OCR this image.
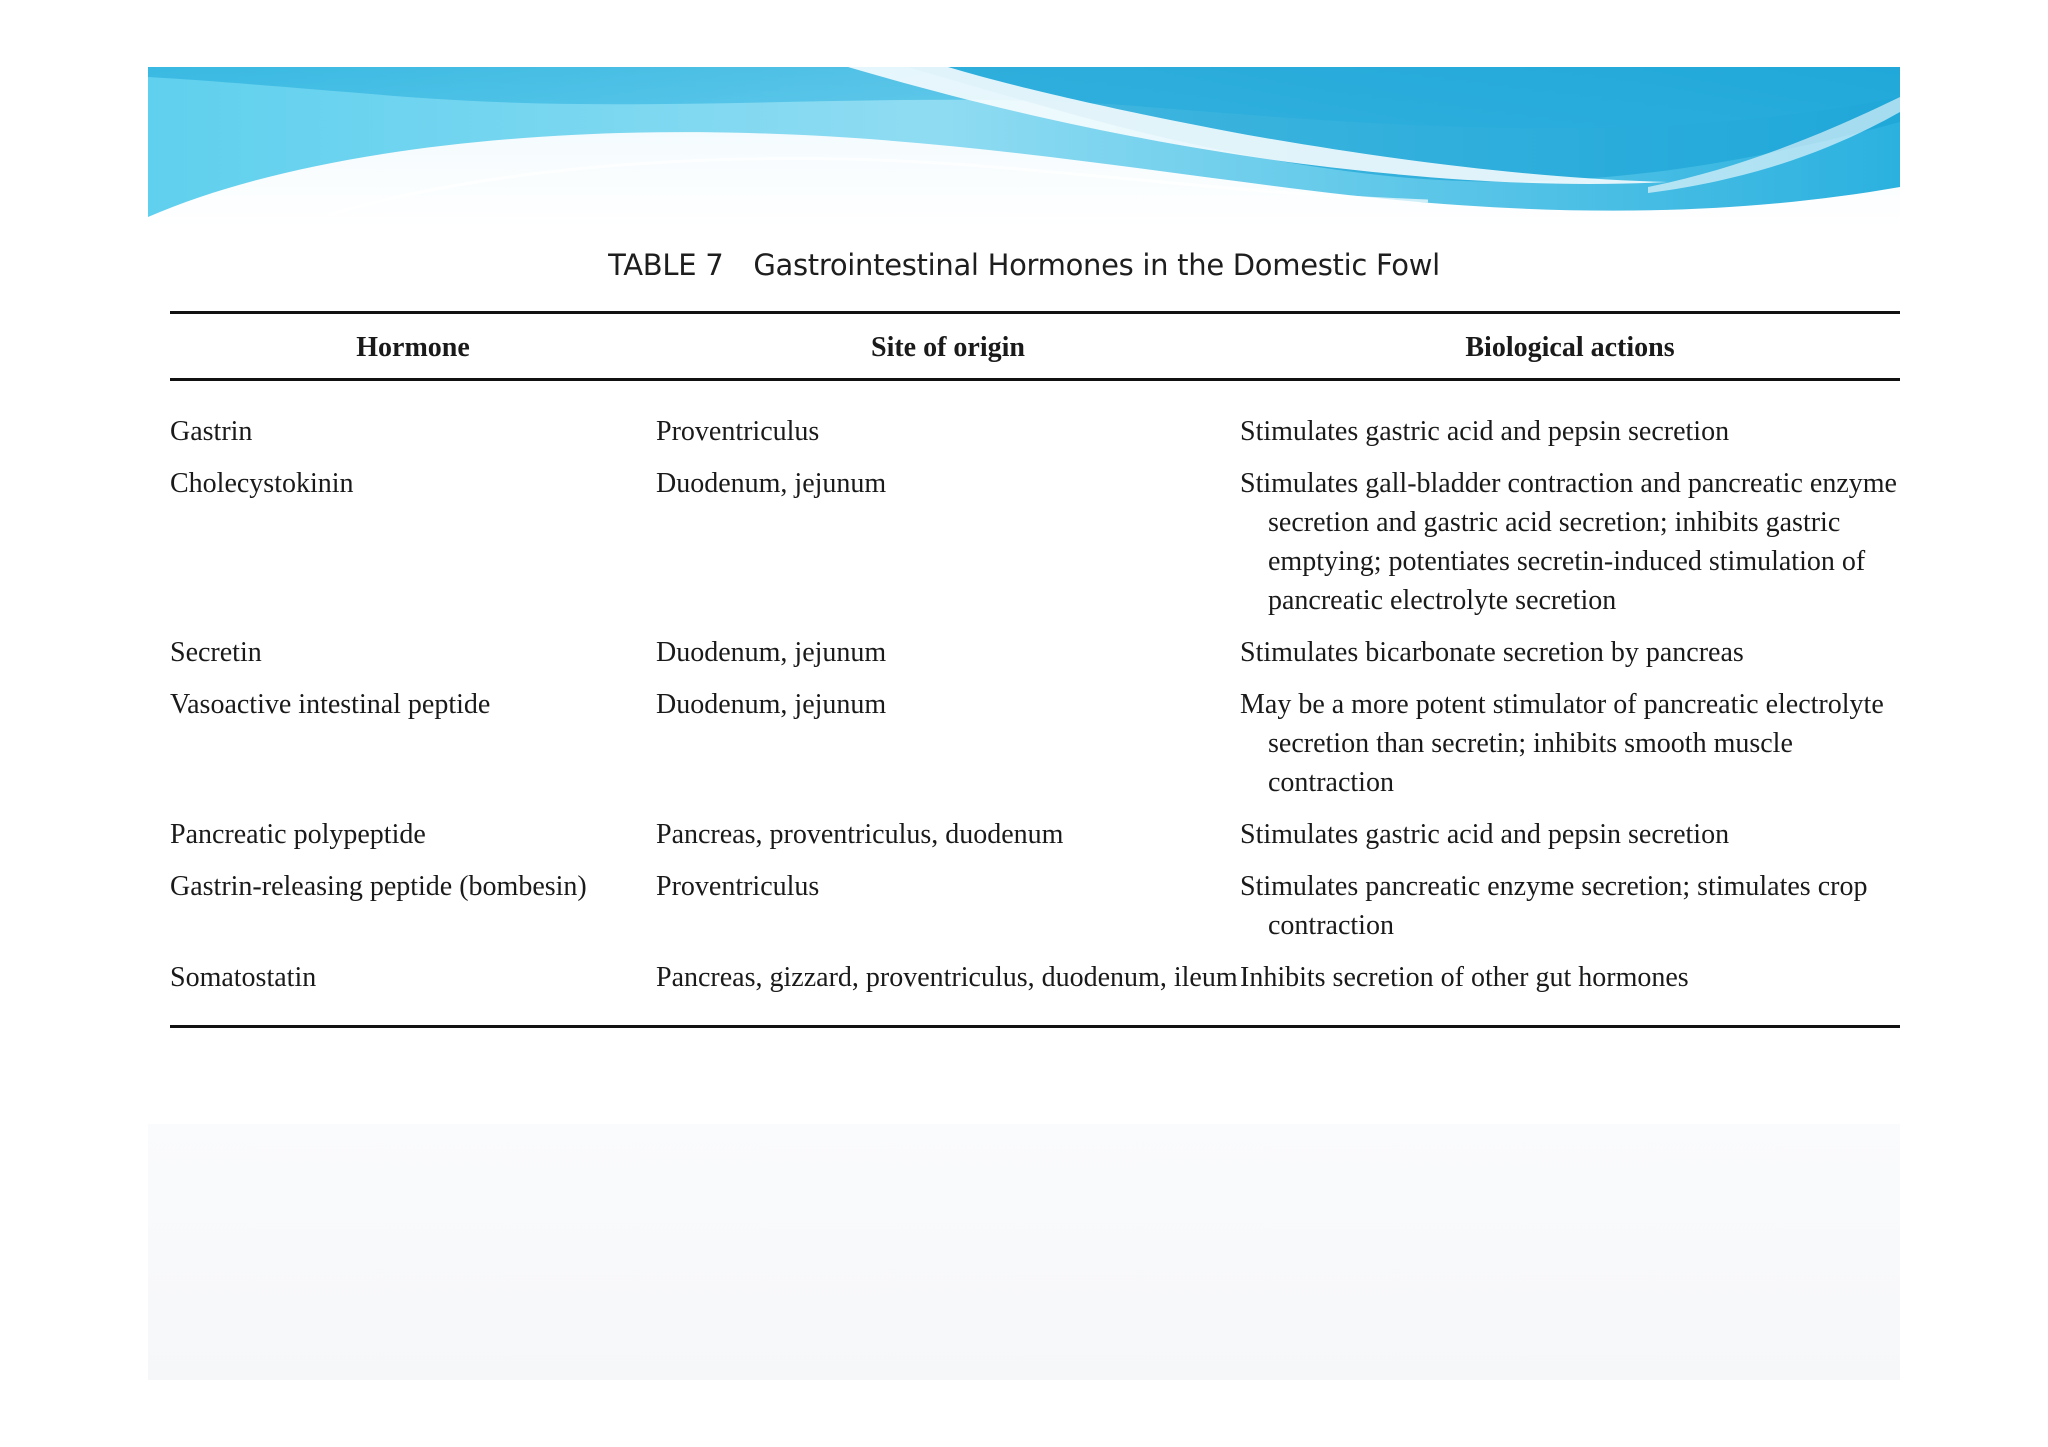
TABLE 7 Gastrointestinal Hormones in the Domestic Fowl
Hormone	Site of origin	Biological actions

Gastrin	Proventriculus	Stimulates gastric acid and pepsin secretion

Cholecystokinin	Duodenum, jejunum	Stimulates gall-bladder contraction and pancreatic enzyme secretion and gastric acid secretion; inhibits gastric emptying; potentiates secretin-induced stimulation of pancreatic electrolyte secretion

Secretin	Duodenum, jejunum	Stimulates bicarbonate secretion by pancreas

Vasoactive intestinal peptide	Duodenum, jejunum	May be a more potent stimulator of pancreatic electrolyte secretion than secretin; inhibits smooth muscle contraction

Pancreatic polypeptide	Pancreas, proventriculus, duodenum	Stimulates gastric acid and pepsin secretion

Gastrin-releasing peptide (bombesin)	Proventriculus	Stimulates pancreatic enzyme secretion; stimulates crop contraction

Somatostatin	Pancreas, gizzard, proventriculus, duodenum, ileum	Inhibits secretion of other gut hormones
